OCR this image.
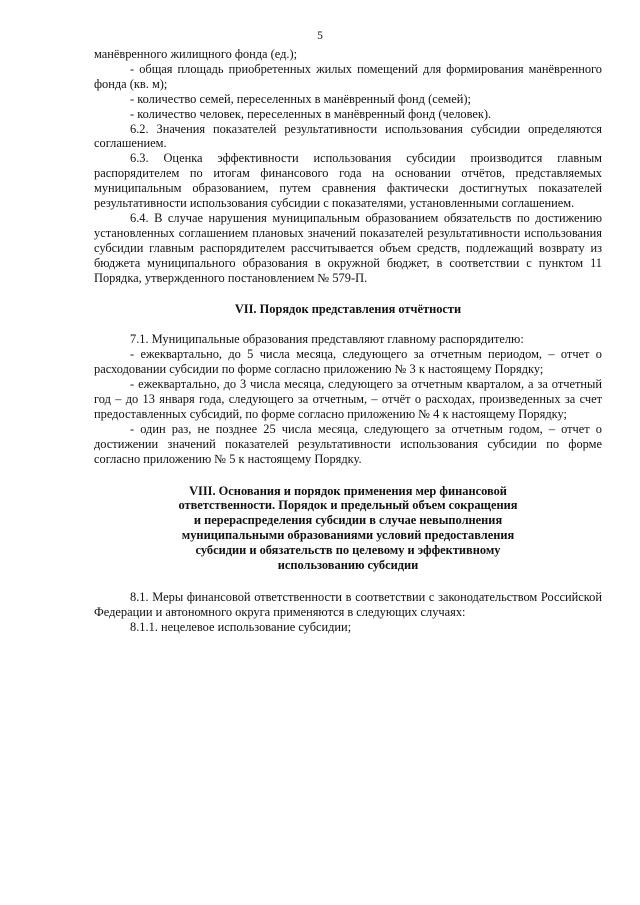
5

манёвренного жилищного фонда (ед.);

- общая площадь приобретенных жилых помещений для формирования манёвренного фонда (кв. м);

- количество семей, переселенных в манёвренный фонд (семей);

- количество человек, переселенных в манёвренный фонд (человек).

6.2. Значения показателей результативности использования субсидии определяются соглашением.

6.3. Оценка эффективности использования субсидии производится главным распорядителем по итогам финансового года на основании отчётов, представляемых муниципальным образованием, путем сравнения фактически достигнутых показателей результативности использования субсидии с показателями, установленными соглашением.

6.4. В случае нарушения муниципальным образованием обязательств по достижению установленных соглашением плановых значений показателей результативности использования субсидии главным распорядителем рассчитывается объем средств, подлежащий возврату из бюджета муниципального образования в окружной бюджет, в соответствии с пунктом 11 Порядка, утвержденного постановлением № 579-П.

VII. Порядок представления отчётности

7.1. Муниципальные образования представляют главному распорядителю:

- ежеквартально, до 5 числа месяца, следующего за отчетным периодом, – отчет о расходовании субсидии по форме согласно приложению № 3 к настоящему Порядку;

- ежеквартально, до 3 числа месяца, следующего за отчетным кварталом, а за отчетный год – до 13 января года, следующего за отчетным, – отчёт о расходах, произведенных за счет предоставленных субсидий, по форме согласно приложению № 4 к настоящему Порядку;

- один раз, не позднее 25 числа месяца, следующего за отчетным годом, – отчет о достижении значений показателей результативности использования субсидии по форме согласно приложению № 5 к настоящему Порядку.

VIII. Основания и порядок применения мер финансовой
ответственности. Порядок и предельный объем сокращения
и перераспределения субсидии в случае невыполнения
муниципальными образованиями условий предоставления
субсидии и обязательств по целевому и эффективному
использованию субсидии

8.1. Меры финансовой ответственности в соответствии с законодательством Российской Федерации и автономного округа применяются в следующих случаях:

8.1.1. нецелевое использование субсидии;
